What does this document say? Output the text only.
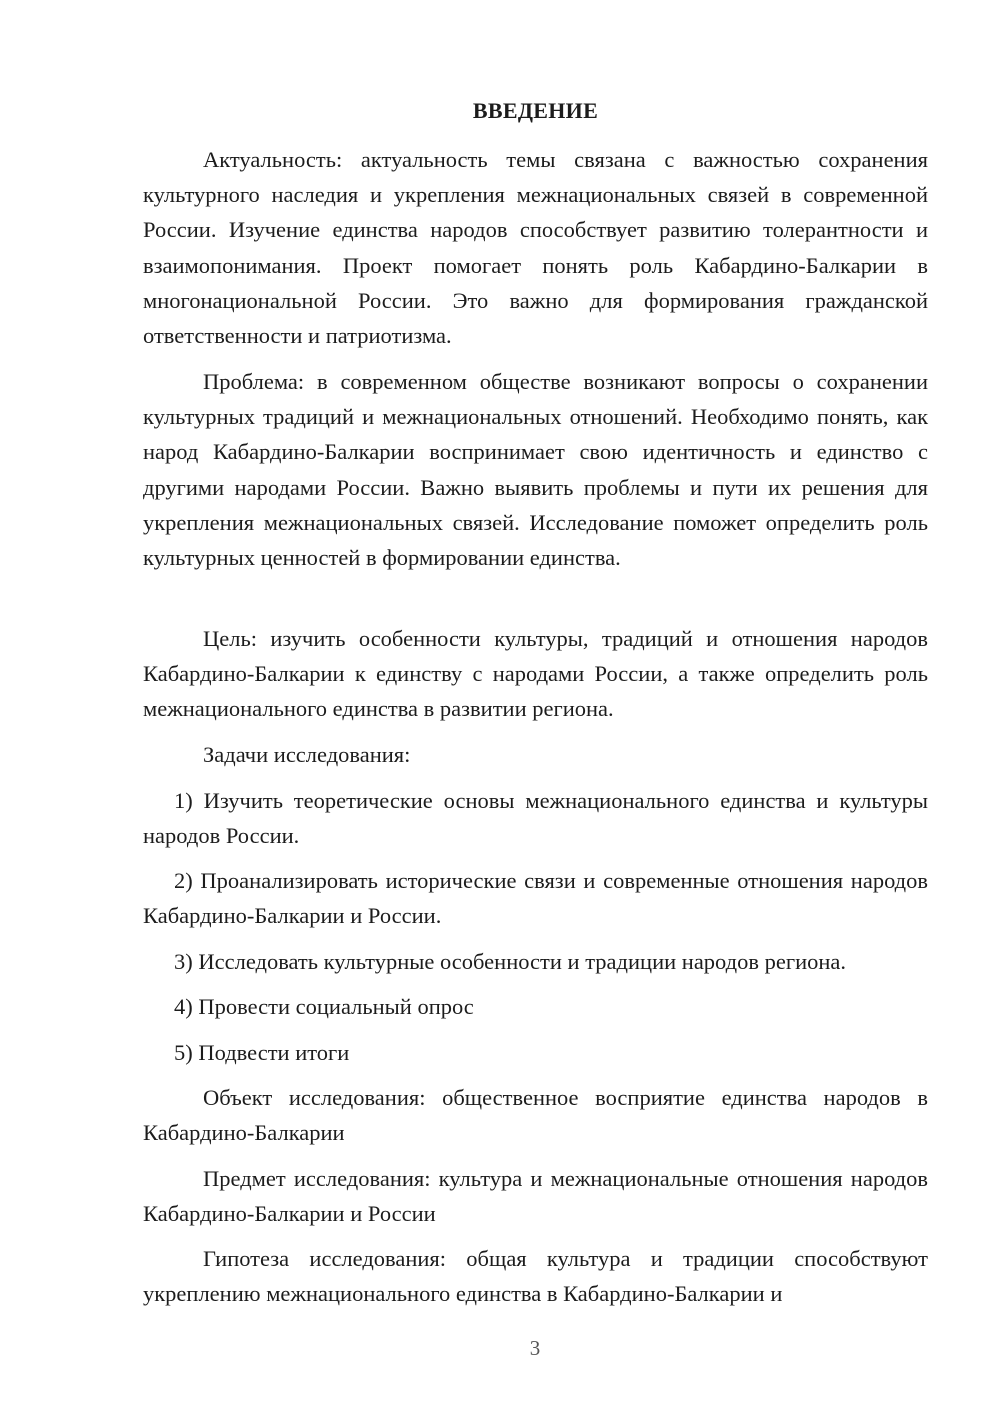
ВВЕДЕНИЕ

Актуальность: актуальность темы связана с важностью сохранения культурного наследия и укрепления межнациональных связей в современной России. Изучение единства народов способствует развитию толерантности и взаимопонимания. Проект помогает понять роль Кабардино-Балкарии в многонациональной России. Это важно для формирования гражданской ответственности и патриотизма.

Проблема: в современном обществе возникают вопросы о сохранении культурных традиций и межнациональных отношений. Необходимо понять, как народ Кабардино-Балкарии воспринимает свою идентичность и единство с другими народами России. Важно выявить проблемы и пути их решения для укрепления межнациональных связей. Исследование поможет определить роль культурных ценностей в формировании единства.

Цель: изучить особенности культуры, традиций и отношения народов Кабардино-Балкарии к единству с народами России, а также определить роль межнационального единства в развитии региона.

Задачи исследования:

1) Изучить теоретические основы межнационального единства и культуры народов России.

2) Проанализировать исторические связи и современные отношения народов Кабардино-Балкарии и России.

3) Исследовать культурные особенности и традиции народов региона.

4) Провести социальный опрос

5) Подвести итоги

Объект исследования: общественное восприятие единства народов в Кабардино-Балкарии

Предмет исследования: культура и межнациональные отношения народов Кабардино-Балкарии и России

Гипотеза исследования: общая культура и традиции способствуют укреплению межнационального единства в Кабардино-Балкарии и

3
